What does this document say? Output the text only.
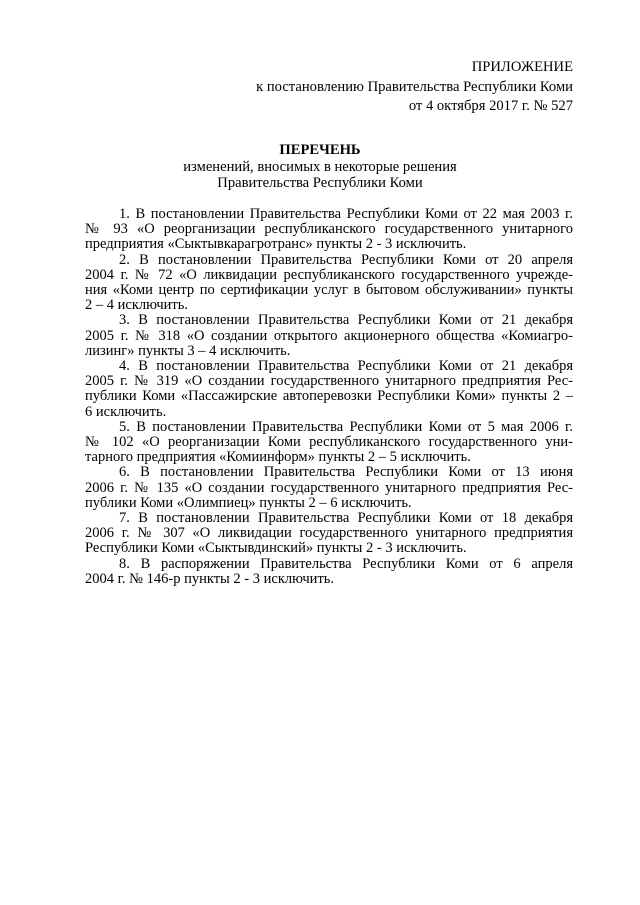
ПРИЛОЖЕНИЕ
к постановлению Правительства Республики Коми
от 4 октября 2017 г. № 527
ПЕРЕЧЕНЬ
изменений, вносимых в некоторые решения
Правительства Республики Коми
1. В постановлении Правительства Республики Коми от 22 мая 2003 г.
№ 93 «О реорганизации республиканского государственного унитарного
предприятия «Сыктывкарагротранс» пункты 2 - 3 исключить.
2. В постановлении Правительства Республики Коми от 20 апреля
2004 г. № 72 «О ликвидации республиканского государственного учрежде-
ния «Коми центр по сертификации услуг в бытовом обслуживании» пункты
2 – 4 исключить.
3. В постановлении Правительства Республики Коми от 21 декабря
2005 г. № 318 «О создании открытого акционерного общества «Комиагро-
лизинг» пункты 3 – 4 исключить.
4. В постановлении Правительства Республики Коми от 21 декабря
2005 г. № 319 «О создании государственного унитарного предприятия Рес-
публики Коми «Пассажирские автоперевозки Республики Коми» пункты 2 –
6 исключить.
5. В постановлении Правительства Республики Коми от 5 мая 2006 г.
№ 102 «О реорганизации Коми республиканского государственного уни-
тарного предприятия «Комиинформ» пункты 2 – 5 исключить.
6. В постановлении Правительства Республики Коми от 13 июня
2006 г. № 135 «О создании государственного унитарного предприятия Рес-
публики Коми «Олимпиец» пункты 2 – 6 исключить.
7. В постановлении Правительства Республики Коми от 18 декабря
2006 г. № 307 «О ликвидации государственного унитарного предприятия
Республики Коми «Сыктывдинский» пункты 2 - 3 исключить.
8. В распоряжении Правительства Республики Коми от 6 апреля
2004 г. № 146-р пункты 2 - 3 исключить.
